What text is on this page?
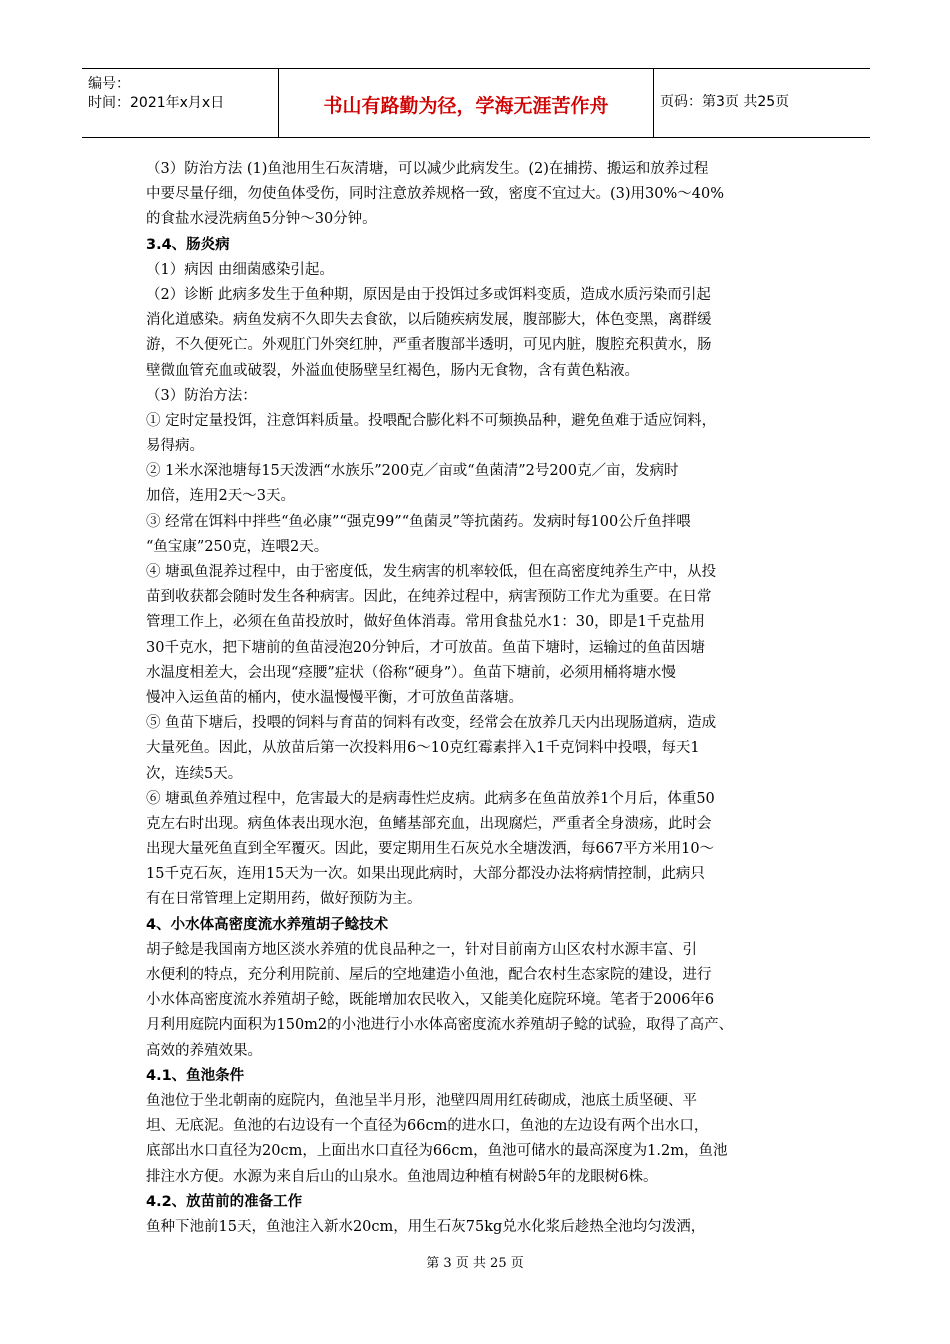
编号：
时间：2021年x月x日	书山有路勤为径，学海无涯苦作舟	页码：第3页 共25页
（3）防治方法 (1)鱼池用生石灰清塘，可以减少此病发生。(2)在捕捞、搬运和放养过程
中要尽量仔细，勿使鱼体受伤，同时注意放养规格一致，密度不宜过大。(3)用30%～40%
的食盐水浸洗病鱼5分钟～30分钟。
3.4、肠炎病
（1）病因 由细菌感染引起。
（2）诊断 此病多发生于鱼种期，原因是由于投饵过多或饵料变质，造成水质污染而引起
消化道感染。病鱼发病不久即失去食欲，以后随疾病发展，腹部膨大，体色变黑，离群缓
游，不久便死亡。外观肛门外突红肿，严重者腹部半透明，可见内脏，腹腔充积黄水，肠
壁微血管充血或破裂，外溢血使肠壁呈红褐色，肠内无食物，含有黄色粘液。
（3）防治方法：
① 定时定量投饵，注意饵料质量。投喂配合膨化料不可频换品种，避免鱼难于适应饲料，
易得病。
② 1米水深池塘每15天泼洒“水族乐”200克／亩或“鱼菌清”2号200克／亩，发病时
加倍，连用2天～3天。
③ 经常在饵料中拌些“鱼必康”“强克99”“鱼菌灵”等抗菌药。发病时每100公斤鱼拌喂
“鱼宝康”250克，连喂2天。
④ 塘虱鱼混养过程中，由于密度低，发生病害的机率较低，但在高密度纯养生产中，从投
苗到收获都会随时发生各种病害。因此，在纯养过程中，病害预防工作尤为重要。在日常
管理工作上，必须在鱼苗投放时，做好鱼体消毒。常用食盐兑水1：30，即是1千克盐用
30千克水，把下塘前的鱼苗浸泡20分钟后，才可放苗。鱼苗下塘时，运输过的鱼苗因塘
水温度相差大，会出现“痉腰”症状（俗称“硬身”）。鱼苗下塘前，必须用桶将塘水慢
慢冲入运鱼苗的桶内，使水温慢慢平衡，才可放鱼苗落塘。
⑤ 鱼苗下塘后，投喂的饲料与育苗的饲料有改变，经常会在放养几天内出现肠道病，造成
大量死鱼。因此，从放苗后第一次投料用6～10克红霉素拌入1千克饲料中投喂，每天1
次，连续5天。
⑥ 塘虱鱼养殖过程中，危害最大的是病毒性烂皮病。此病多在鱼苗放养1个月后，体重50
克左右时出现。病鱼体表出现水泡，鱼鳍基部充血，出现腐烂，严重者全身溃疡，此时会
出现大量死鱼直到全军覆灭。因此，要定期用生石灰兑水全塘泼洒，每667平方米用10～
15千克石灰，连用15天为一次。如果出现此病时，大部分都没办法将病情控制，此病只
有在日常管理上定期用药，做好预防为主。
4、小水体高密度流水养殖胡子鲶技术
胡子鲶是我国南方地区淡水养殖的优良品种之一，针对目前南方山区农村水源丰富、引
水便利的特点，充分利用院前、屋后的空地建造小鱼池，配合农村生态家院的建设，进行
小水体高密度流水养殖胡子鲶，既能增加农民收入，又能美化庭院环境。笔者于2006年6
月利用庭院内面积为150m2的小池进行小水体高密度流水养殖胡子鲶的试验，取得了高产、
高效的养殖效果。
4.1、鱼池条件
鱼池位于坐北朝南的庭院内，鱼池呈半月形，池壁四周用红砖砌成，池底土质坚硬、平
坦、无底泥。鱼池的右边设有一个直径为66cm的进水口，鱼池的左边设有两个出水口，
底部出水口直径为20cm，上面出水口直径为66cm，鱼池可储水的最高深度为1.2m，鱼池
排注水方便。水源为来自后山的山泉水。鱼池周边种植有树龄5年的龙眼树6株。
4.2、放苗前的准备工作
鱼种下池前15天，鱼池注入新水20cm，用生石灰75kg兑水化浆后趁热全池均匀泼洒，
第 3 页 共 25 页
